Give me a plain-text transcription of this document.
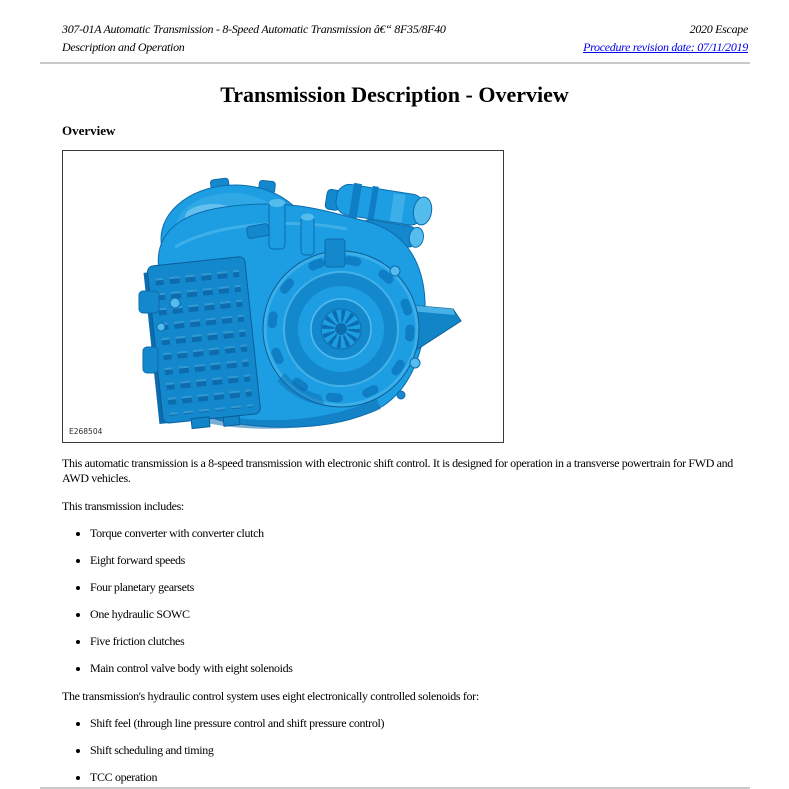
307-01A Automatic Transmission - 8-Speed Automatic Transmission â€“ 8F35/8F40
Description and Operation
2020 Escape
Procedure revision date: 07/11/2019
Transmission Description - Overview
Overview
E268504

This automatic transmission is a 8-speed transmission with electronic shift control. It is designed for operation in a transverse powertrain for FWD and AWD vehicles.

This transmission includes:

• Torque converter with converter clutch
• Eight forward speeds
• Four planetary gearsets
• One hydraulic SOWC
• Five friction clutches
• Main control valve body with eight solenoids

The transmission's hydraulic control system uses eight electronically controlled solenoids for:

• Shift feel (through line pressure control and shift pressure control)
• Shift scheduling and timing
• TCC operation
